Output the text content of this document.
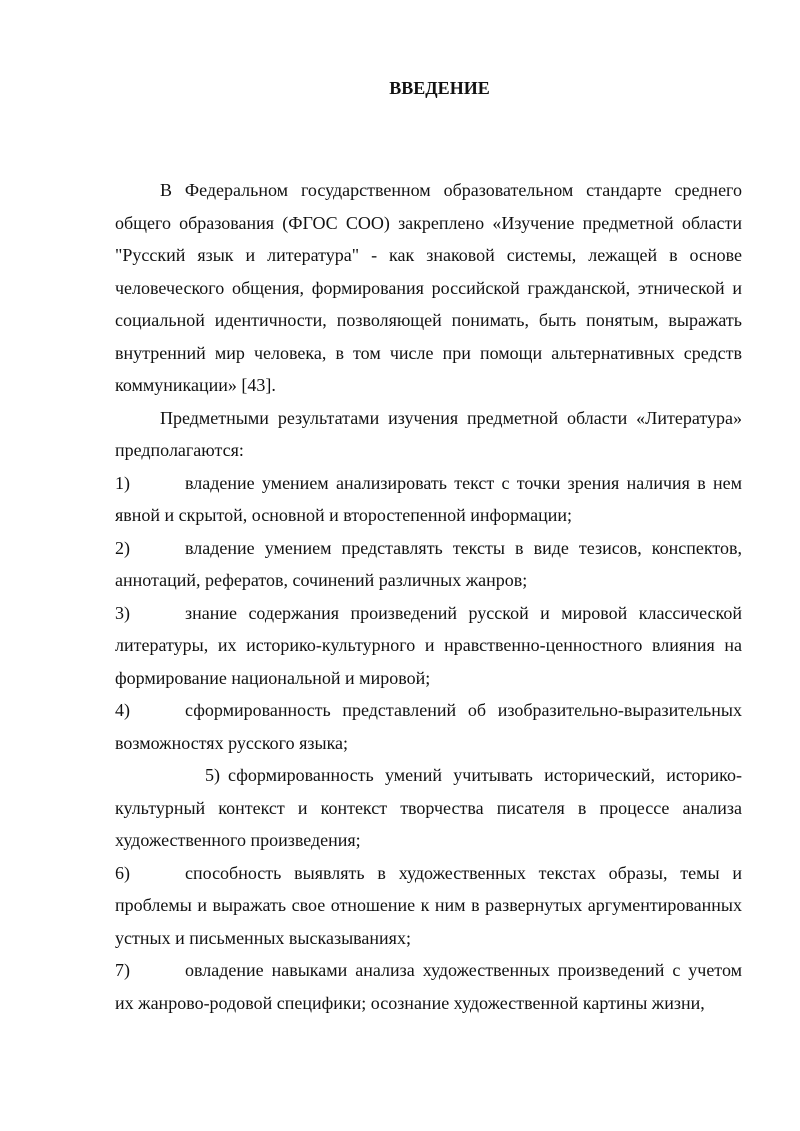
ВВЕДЕНИЕ

В Федеральном государственном образовательном стандарте среднего общего образования (ФГОС СОО) закреплено «Изучение предметной области "Русский язык и литература" - как знаковой системы, лежащей в основе человеческого общения, формирования российской гражданской, этнической и социальной идентичности, позволяющей понимать, быть понятым, выражать внутренний мир человека, в том числе при помощи альтернативных средств коммуникации» [43].

Предметными результатами изучения предметной области «Литература» предполагаются:

1)	владение умением анализировать текст с точки зрения наличия в нем явной и скрытой, основной и второстепенной информации;

2)	владение умением представлять тексты в виде тезисов, конспектов, аннотаций, рефератов, сочинений различных жанров;

3)	знание содержания произведений русской и мировой классической литературы, их историко-культурного и нравственно-ценностного влияния на формирование национальной и мировой;

4)	сформированность представлений об изобразительно-выразительных возможностях русского языка;

5) сформированность умений учитывать исторический, историко-культурный контекст и контекст творчества писателя в процессе анализа художественного произведения;

6)	способность выявлять в художественных текстах образы, темы и проблемы и выражать свое отношение к ним в развернутых аргументированных устных и письменных высказываниях;

7)	овладение навыками анализа художественных произведений с учетом их жанрово-родовой специфики; осознание художественной картины жизни,
